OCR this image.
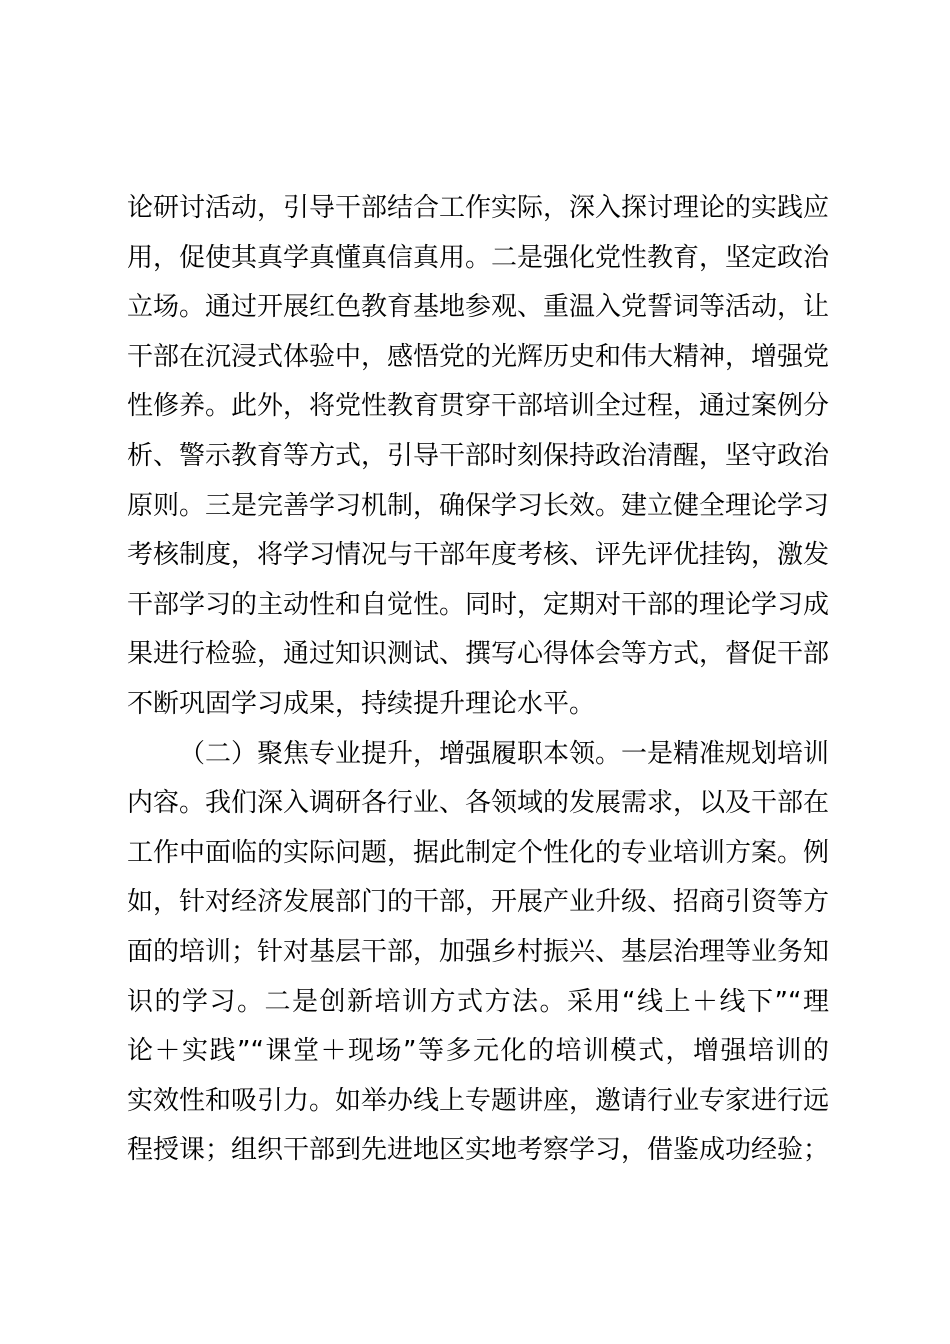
论研讨活动，引导干部结合工作实际，深入探讨理论的实践应
用，促使其真学真懂真信真用。二是强化党性教育，坚定政治
立场。通过开展红色教育基地参观、重温入党誓词等活动，让
干部在沉浸式体验中，感悟党的光辉历史和伟大精神，增强党
性修养。此外，将党性教育贯穿干部培训全过程，通过案例分
析、警示教育等方式，引导干部时刻保持政治清醒，坚守政治
原则。三是完善学习机制，确保学习长效。建立健全理论学习
考核制度，将学习情况与干部年度考核、评先评优挂钩，激发
干部学习的主动性和自觉性。同时，定期对干部的理论学习成
果进行检验，通过知识测试、撰写心得体会等方式，督促干部
不断巩固学习成果，持续提升理论水平。
（二）聚焦专业提升，增强履职本领。一是精准规划培训
内容。我们深入调研各行业、各领域的发展需求，以及干部在
工作中面临的实际问题，据此制定个性化的专业培训方案。例
如，针对经济发展部门的干部，开展产业升级、招商引资等方
面的培训；针对基层干部，加强乡村振兴、基层治理等业务知
识的学习。二是创新培训方式方法。采用“线上＋线下”“理
论＋实践”“课堂＋现场”等多元化的培训模式，增强培训的
实效性和吸引力。如举办线上专题讲座，邀请行业专家进行远
程授课；组织干部到先进地区实地考察学习，借鉴成功经验；
